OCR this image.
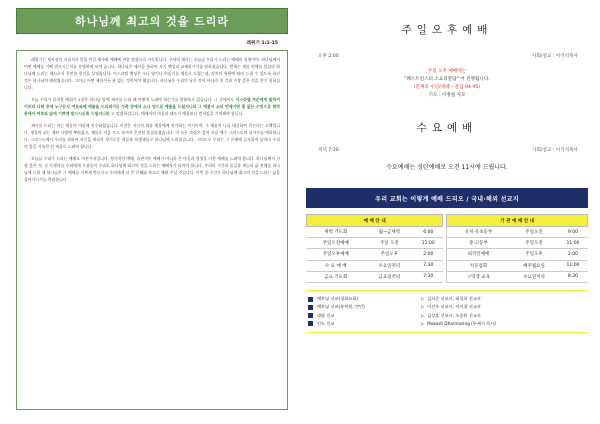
하나님께 최고의 것을 드리라
레위기 1:1-15

레위기는 제사장의 지침서라 불릴 만큼 제사와 예배에 관한 말씀으로 가득합니다. 구약의 제사는 오늘날 우리가 드리는 예배의 원형이며, 하나님께서 어떤 예배를 기뻐 받으시는지를 분명하게 보여 줍니다. 하나님은 제사를 통하여 자기 백성과 교제하시기를 원하셨습니다. 번제는 제물 전체를 불살라 하나님께 드리는 제사로서 온전한 헌신을 상징합니다. 이스라엘 백성은 소나 양이나 비둘기를 제물로 드렸는데, 각자의 형편에 따라 드릴 수 있도록 하신 것은 하나님의 배려였습니다. 그러나 어떤 제물이든 흠 없는 것이어야 했습니다. 하나님은 우리의 남은 것이 아니라 첫 것과 가장 좋은 것을 받기 원하십니다.

오늘 우리가 살펴볼 레위기 1장은 하나님 앞에 제사를 드릴 때 어떻게 드려야 하는가를 말씀하고 있습니다. 그 중에서도 이스라엘 자손에게 말하여 이르라 너희 중에 누구든지 여호와께 예물을 드리려거든 가축 중에서 소나 양으로 예물을 드릴지니라 그 예물이 소의 번제이면 흠 없는 수컷으로 회막 문에서 여호와 앞에 기쁘게 받으시도록 드릴지니라 고 말씀하십니다. 예배자의 마음과 태도가 예물보다 먼저임을 기억해야 합니다.

제사를 드리는 자는 제물의 머리에 안수하였습니다. 이것은 자신의 죄를 제물에게 전가하는 의식이며, 그 제물이 나를 대신하여 죽는다는 고백입니다. 제물의 피는 제단 사방에 뿌려졌고, 제물은 각을 뜨고 씻겨서 온전히 불살라졌습니다. 이 모든 과정은 장차 오실 예수 그리스도의 십자가를 예표합니다. 그리스도께서 우리를 위하여 자신을 버리사 향기로운 제물과 희생제물로 하나님께 드리셨습니다. 그러므로 우리는 그 은혜에 감사하며 날마다 우리의 몸을 거룩한 산 제물로 드려야 합니다.

오늘날 우리가 드리는 예배도 마찬가지입니다. 형식적인 예배, 습관적인 예배가 아니라 온 마음과 정성을 다한 예배를 드려야 합니다. 하나님께서 가장 좋은 것, 곧 독생자를 우리에게 주셨듯이 우리도 하나님께 최고의 것을 드리는 예배자가 되어야 합니다. 우리의 시간과 물질과 재능과 삶 전체를 하나님께 드릴 때 하나님은 그 예배를 기쁘게 받으시고 우리에게 더 큰 은혜와 복으로 채워 주실 것입니다. 이번 한 주간도 하나님께 최고의 것을 드리는 삶을 살아가시기를 축원합니다.

주일오후예배
오후 2:00	사회/설교 : 이기석목사
주일 오후 예배에는
"페스트런스터 소요리문답" 이 진행됩니다.
(문제의 수단/세례 – 문답 94-95)
기도 : 이정필 사모
수요예배
저녁 7:30	사회/설교 : 이기석목사
수요예배는 성탄예배로 오전 11시에 드립니다.
우리 교회는 이렇게 예배 드리오 / 국내·해외 선교지
예 배 안 내				가 관 예 배 안 내		
새벽 기도회	월~금새벽	6:00		유치·유초등부	주일오전	9:00
주일오전예배	주일 오전	11:00		중·고등부	주일오전	11:00
주일오후예배	주일오후	2:00		외국인예배	주일오후	2:00
수 요 예 배	수요일저녁	7:30		치유집회	매주월요일	11:00
금요 기도회	금요일저녁	7:30		구역장 교육	수요일저녁	8:30
베트남 선교(평화교회)	▷ 김희준 선교사, 최경희 선교사
베트남 선교(유치원, 빈민)	▷ 이선우 선교사, 이미경 선교사
네팔 선교	▷ 김상훈 선교사, 오종환 선교사
인도 선교	▷ Mukesh Dharmasing (무케시 목사)
